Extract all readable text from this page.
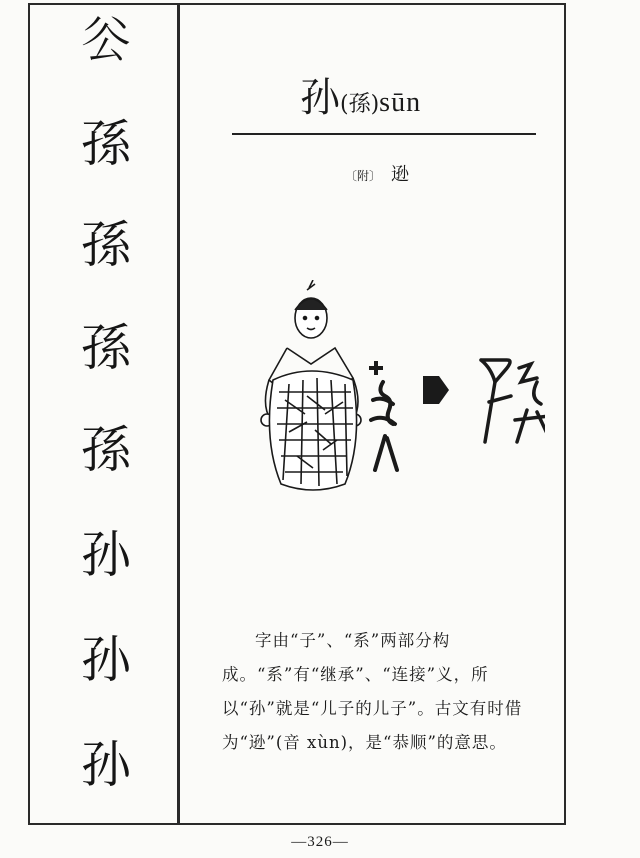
𠫥
孫
孫
孫
孫
孙
孙
孙
孙(孫)sūn
〔附〕 逊
字由“子”、“系”两部分构成。“系”有“继承”、“连接”义，所以“孙”就是“儿子的儿子”。古文有时借为“逊”(音 xùn)，是“恭顺”的意思。
—326—
